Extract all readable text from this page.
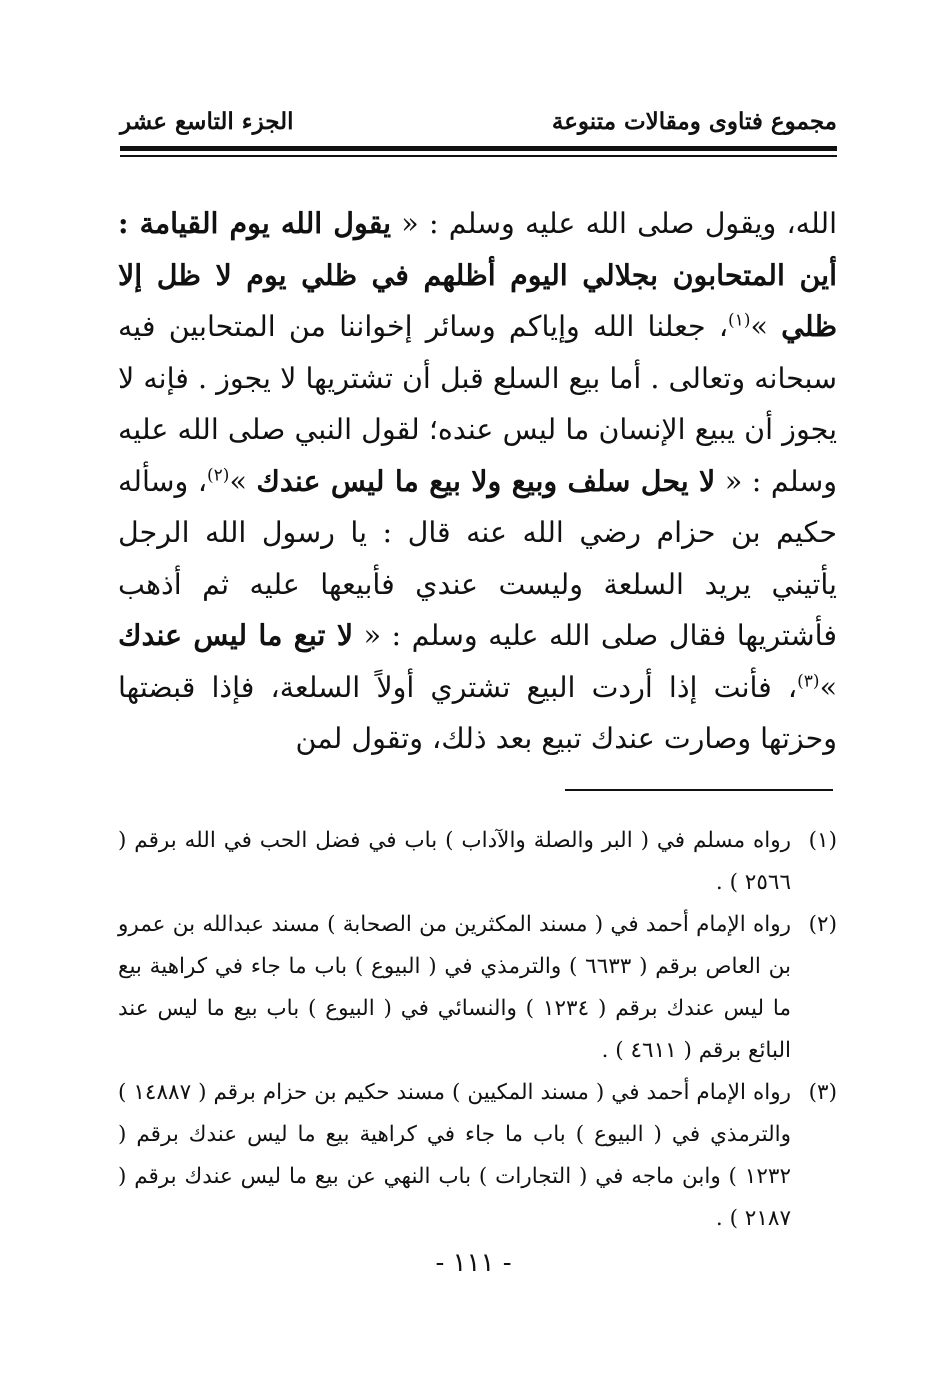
مجموع فتاوى ومقالات متنوعة
الجزء التاسع عشر

الله، ويقول صلى الله عليه وسلم : « يقول الله يوم القيامة : أين المتحابون بجلالي اليوم أظلهم في ظلي يوم لا ظل إلا ظلي »$^{(١)}$، جعلنا الله وإياكم وسائر إخواننا من المتحابين فيه سبحانه وتعالى . أما بيع السلع قبل أن تشتريها لا يجوز . فإنه لا يجوز أن يبيع الإنسان ما ليس عنده؛ لقول النبي صلى الله عليه وسلم : « لا يحل سلف وبيع ولا بيع ما ليس عندك »$^{(٢)}$، وسأله حكيم بن حزام رضي الله عنه قال : يا رسول الله الرجل يأتيني يريد السلعة وليست عندي فأبيعها عليه ثم أذهب فأشتريها فقال صلى الله عليه وسلم : « لا تبع ما ليس عندك »$^{(٣)}$، فأنت إذا أردت البيع تشتري أولاً السلعة، فإذا قبضتها وحزتها وصارت عندك تبيع بعد ذلك، وتقول لمن

(١)
رواه مسلم في ( البر والصلة والآداب ) باب في فضل الحب في الله برقم ( ٢٥٦٦ ) .
(٢)
رواه الإمام أحمد في ( مسند المكثرين من الصحابة ) مسند عبدالله بن عمرو بن العاص برقم ( ٦٦٣٣ ) والترمذي في ( البيوع ) باب ما جاء في كراهية بيع ما ليس عندك برقم ( ١٢٣٤ ) والنسائي في ( البيوع ) باب بيع ما ليس عند البائع برقم ( ٤٦١١ ) .
(٣)
رواه الإمام أحمد في ( مسند المكيين ) مسند حكيم بن حزام برقم ( ١٤٨٨٧ ) والترمذي في ( البيوع ) باب ما جاء في كراهية بيع ما ليس عندك برقم ( ١٢٣٢ ) وابن ماجه في ( التجارات ) باب النهي عن بيع ما ليس عندك برقم ( ٢١٨٧ ) .
- ١١١ -
